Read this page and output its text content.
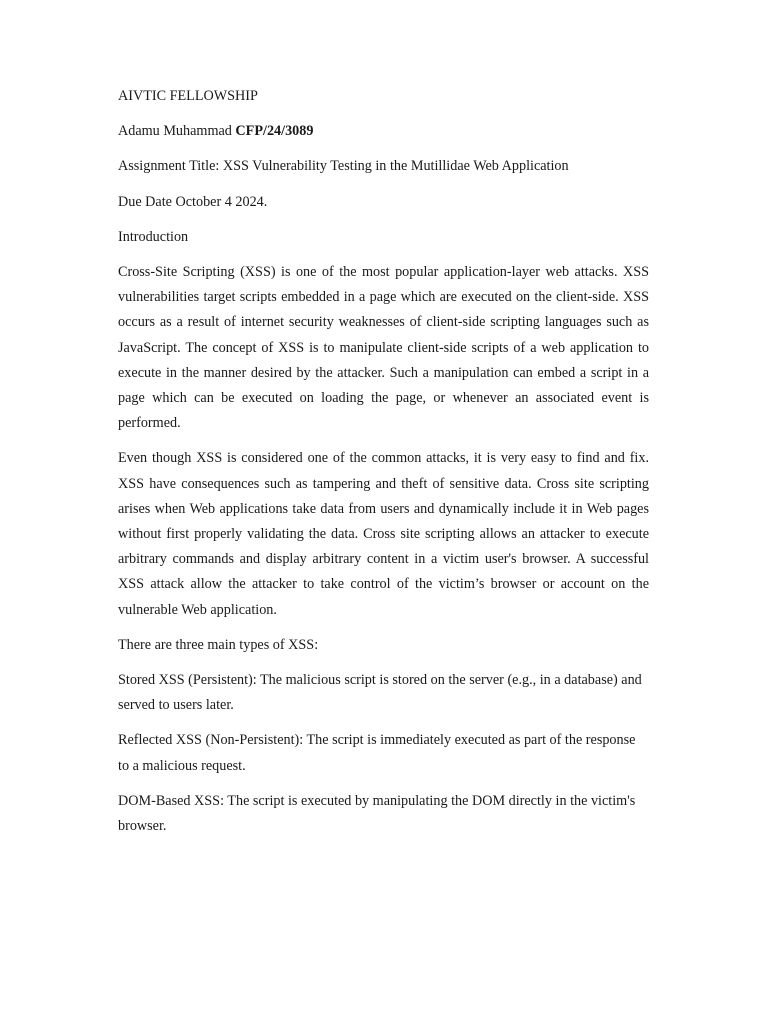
AIVTIC FELLOWSHIP

Adamu Muhammad CFP/24/3089

Assignment Title: XSS Vulnerability Testing in the Mutillidae Web Application

Due Date October 4 2024.

Introduction

Cross-Site Scripting (XSS) is one of the most popular application-layer web attacks. XSS vulnerabilities target scripts embedded in a page which are executed on the client-side. XSS occurs as a result of internet security weaknesses of client-side scripting languages such as JavaScript. The concept of XSS is to manipulate client-side scripts of a web application to execute in the manner desired by the attacker. Such a manipulation can embed a script in a page which can be executed on loading the page, or whenever an associated event is performed.

Even though XSS is considered one of the common attacks, it is very easy to find and fix. XSS have consequences such as tampering and theft of sensitive data. Cross site scripting arises when Web applications take data from users and dynamically include it in Web pages without first properly validating the data. Cross site scripting allows an attacker to execute arbitrary commands and display arbitrary content in a victim user's browser. A successful XSS attack allow the attacker to take control of the victim’s browser or account on the vulnerable Web application.

There are three main types of XSS:

Stored XSS (Persistent): The malicious script is stored on the server (e.g., in a database) and served to users later.

Reflected XSS (Non-Persistent): The script is immediately executed as part of the response to a malicious request.

DOM-Based XSS: The script is executed by manipulating the DOM directly in the victim's browser.
